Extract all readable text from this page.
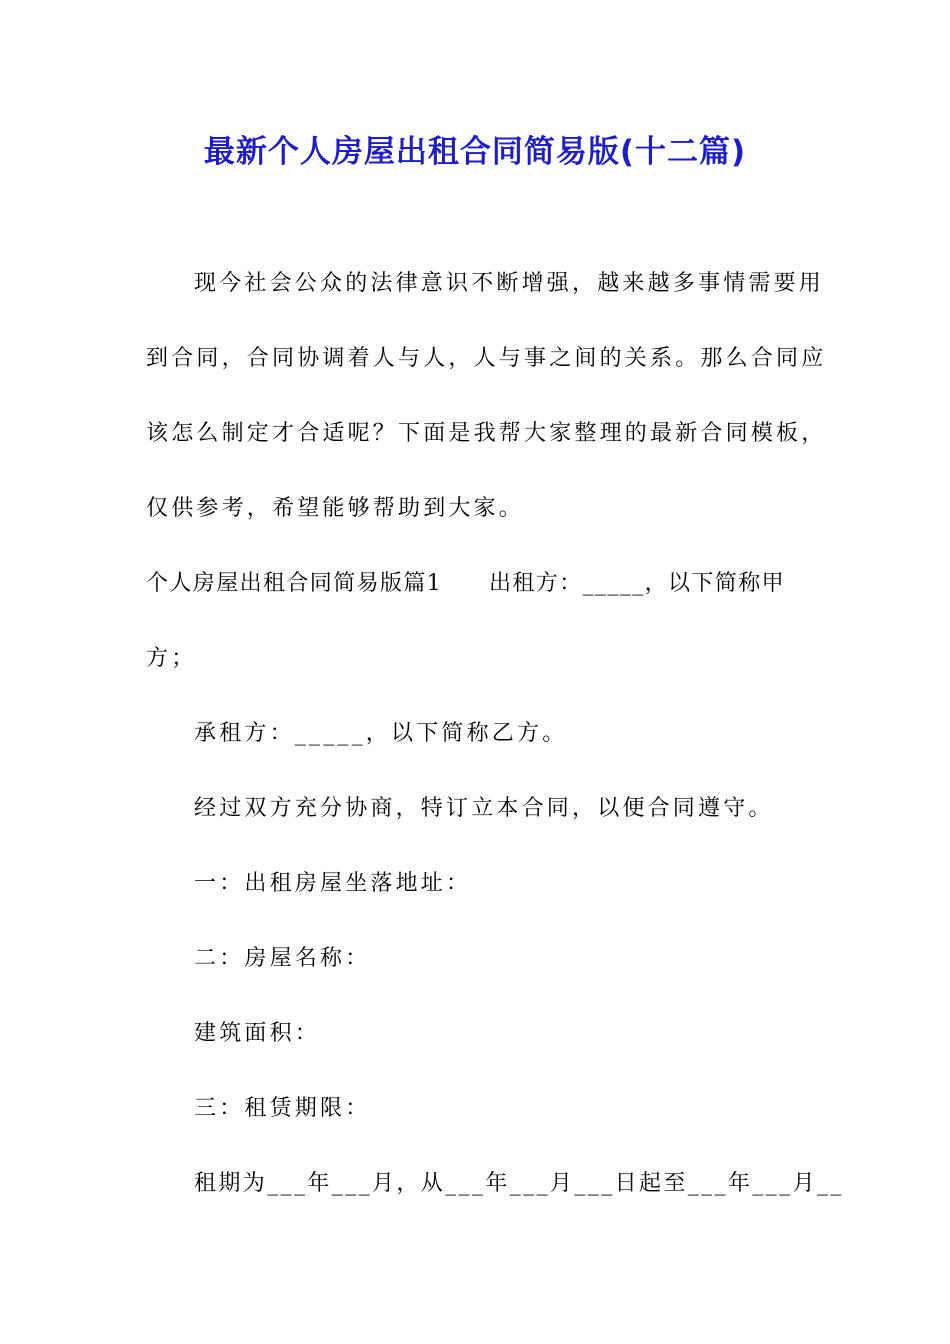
最新个人房屋出租合同简易版(十二篇)
现今社会公众的法律意识不断增强，越来越多事情需要用
到合同，合同协调着人与人，人与事之间的关系。那么合同应
该怎么制定才合适呢？下面是我帮大家整理的最新合同模板，
仅供参考，希望能够帮助到大家。
个人房屋出租合同简易版篇1　　出租方：_____，以下简称甲
方；
承租方：_____，以下简称乙方。
经过双方充分协商，特订立本合同，以便合同遵守。
一：出租房屋坐落地址：
二：房屋名称：
建筑面积：
三：租赁期限：
租期为___年___月，从___年___月___日起至___年___月__
